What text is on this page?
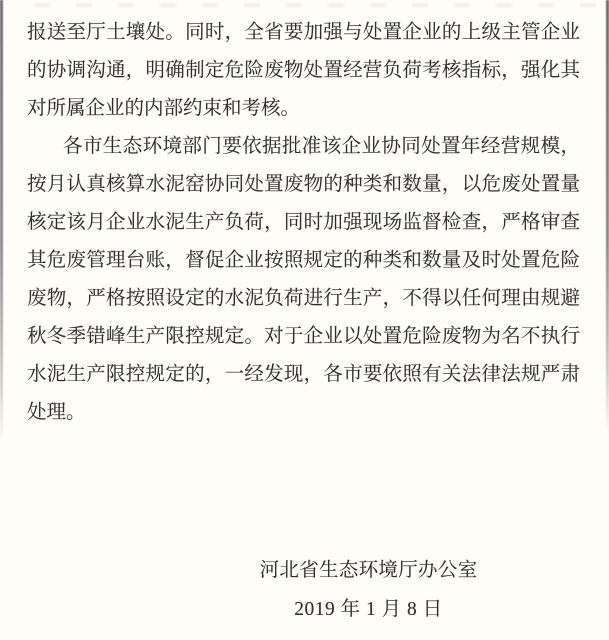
报送至厅土壤处。同时，全省要加强与处置企业的上级主管企业
的协调沟通，明确制定危险废物处置经营负荷考核指标，强化其
对所属企业的内部约束和考核。

各市生态环境部门要依据批准该企业协同处置年经营规模，
按月认真核算水泥窑协同处置废物的种类和数量，以危废处置量
核定该月企业水泥生产负荷，同时加强现场监督检查，严格审查
其危废管理台账，督促企业按照规定的种类和数量及时处置危险
废物，严格按照设定的水泥负荷进行生产，不得以任何理由规避
秋冬季错峰生产限控规定。对于企业以处置危险废物为名不执行
水泥生产限控规定的，一经发现，各市要依照有关法律法规严肃
处理。

河北省生态环境厅办公室
2019 年 1 月 8 日
